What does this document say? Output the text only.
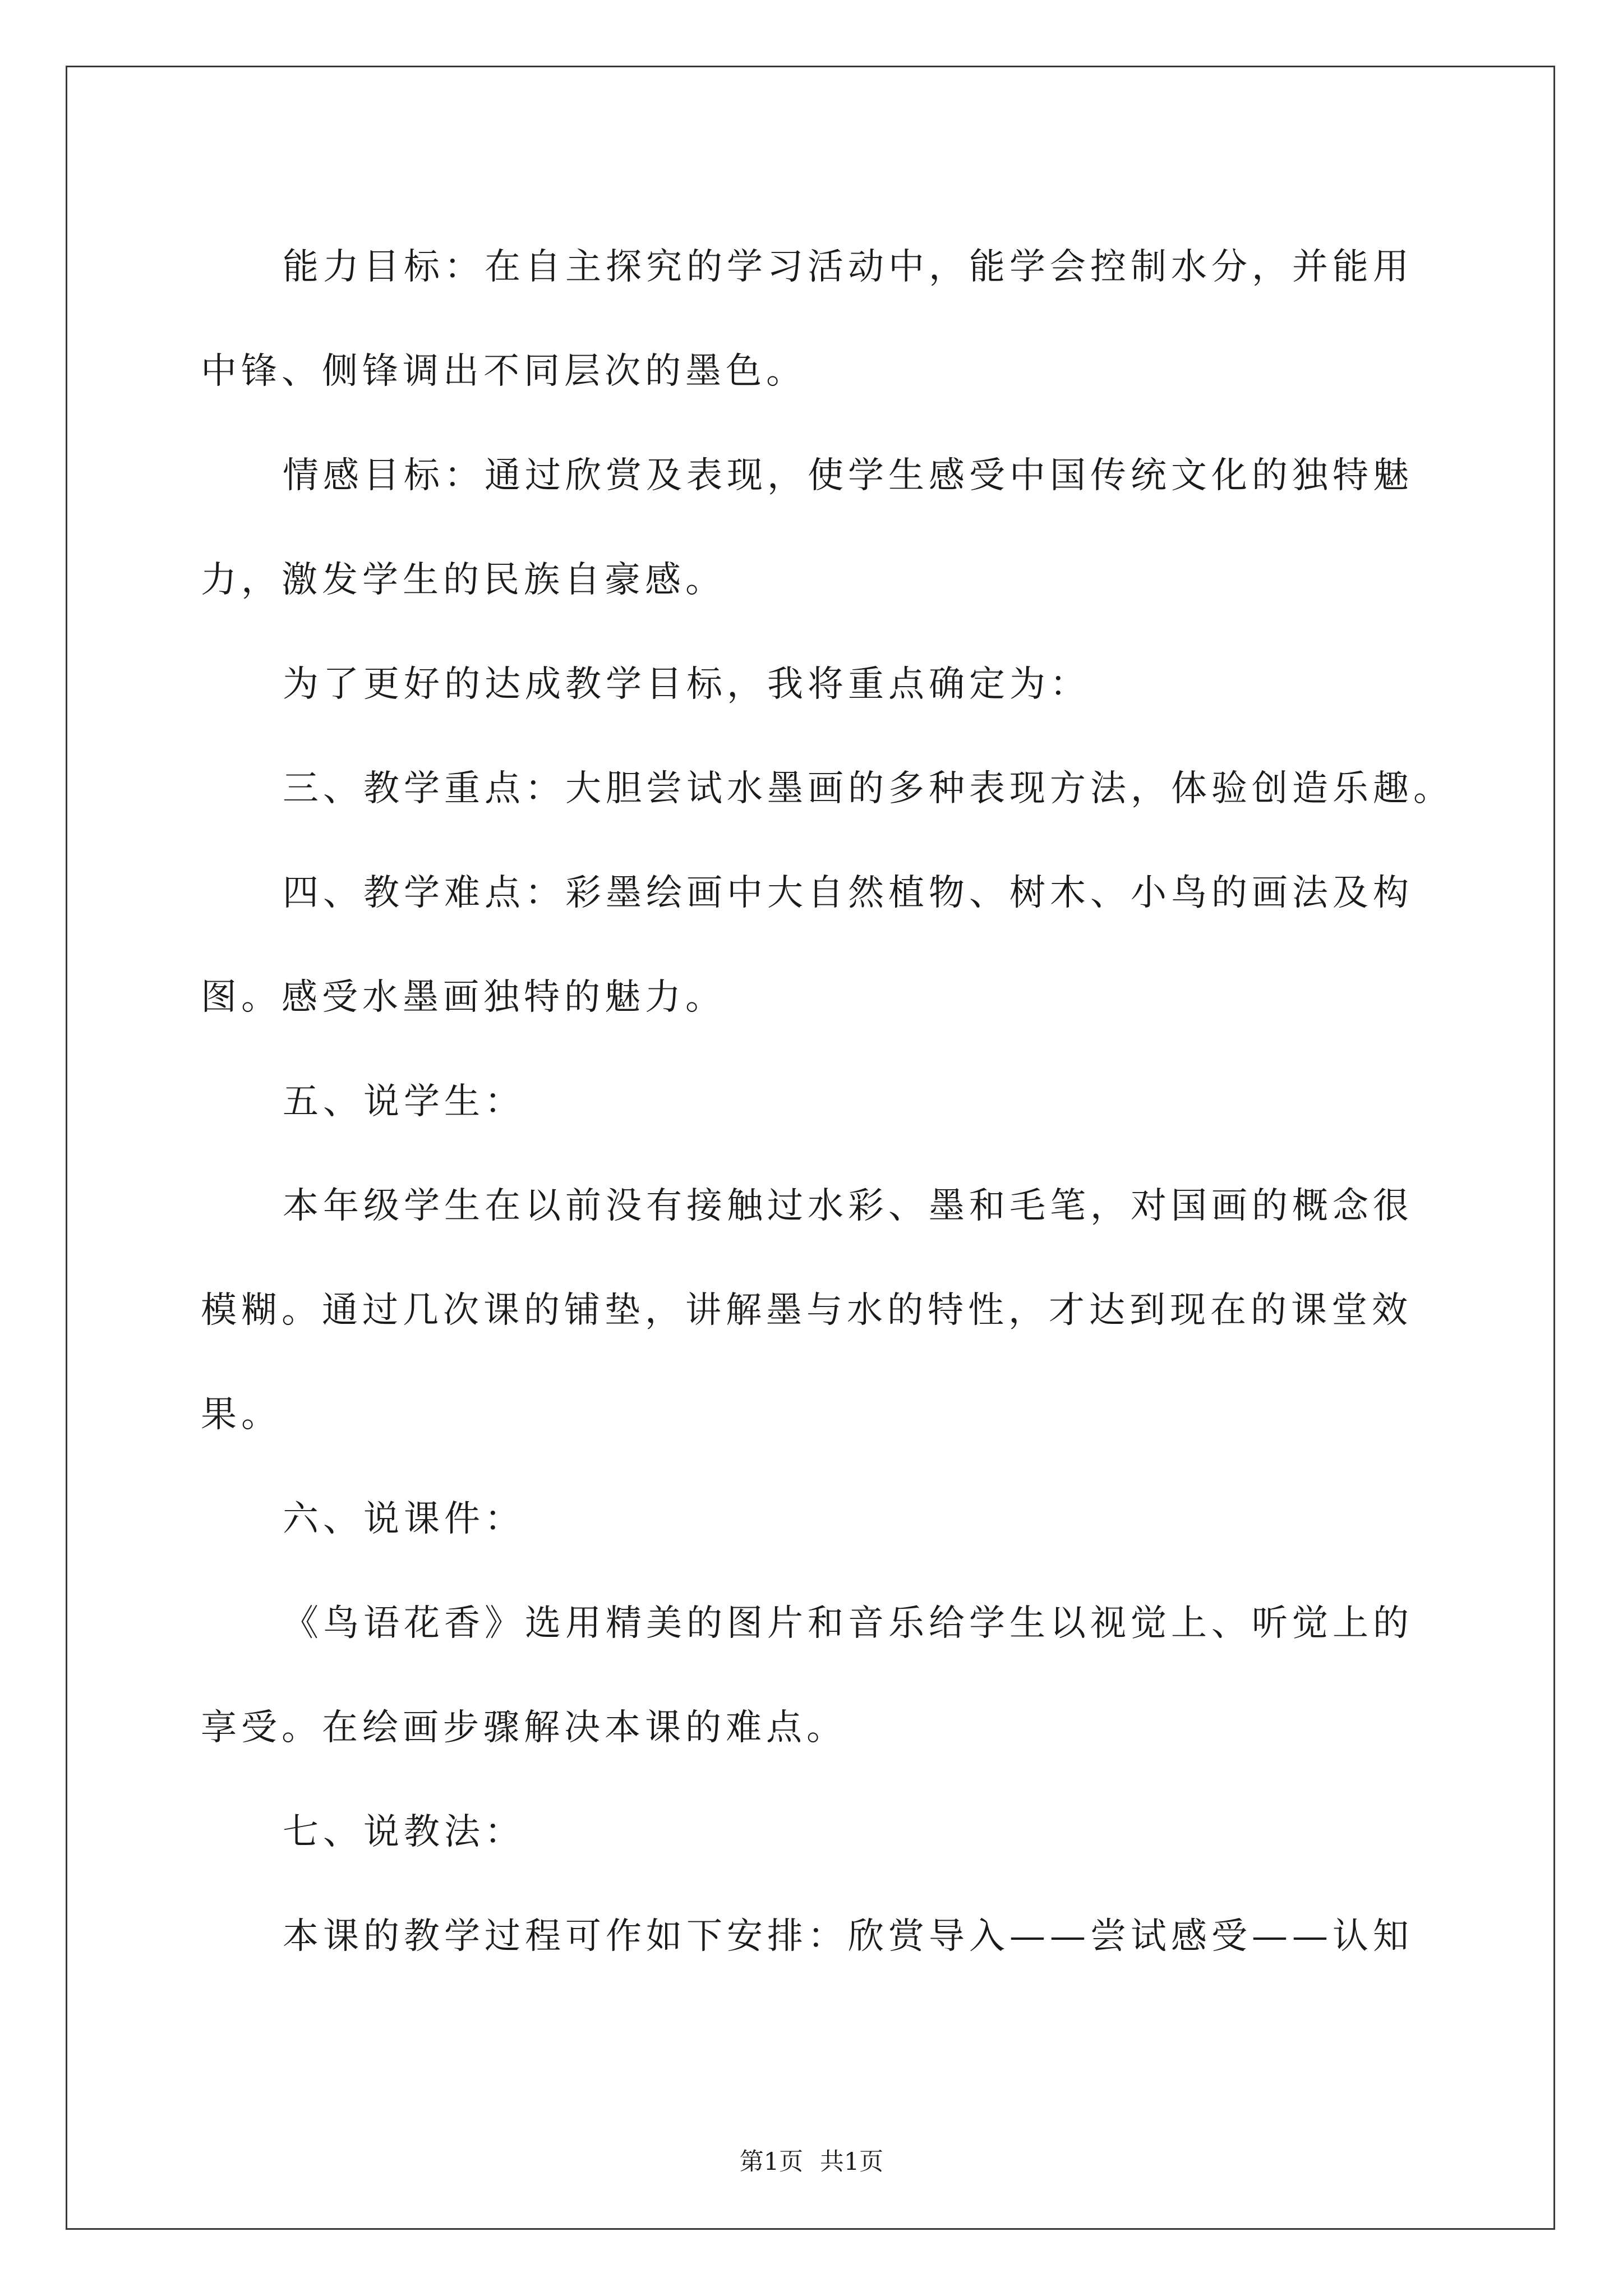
能力目标：在自主探究的学习活动中，能学会控制水分，并能用

中锋、侧锋调出不同层次的墨色。

情感目标：通过欣赏及表现，使学生感受中国传统文化的独特魅

力，激发学生的民族自豪感。

为了更好的达成教学目标，我将重点确定为：

三、教学重点：大胆尝试水墨画的多种表现方法，体验创造乐趣。

四、教学难点：彩墨绘画中大自然植物、树木、小鸟的画法及构

图。感受水墨画独特的魅力。

五、说学生：

本年级学生在以前没有接触过水彩、墨和毛笔，对国画的概念很

模糊。通过几次课的铺垫，讲解墨与水的特性，才达到现在的课堂效

果。

六、说课件：

《鸟语花香》选用精美的图片和音乐给学生以视觉上、听觉上的

享受。在绘画步骤解决本课的难点。

七、说教法：

本课的教学过程可作如下安排：欣赏导入——尝试感受——认知

第1页 共1页
